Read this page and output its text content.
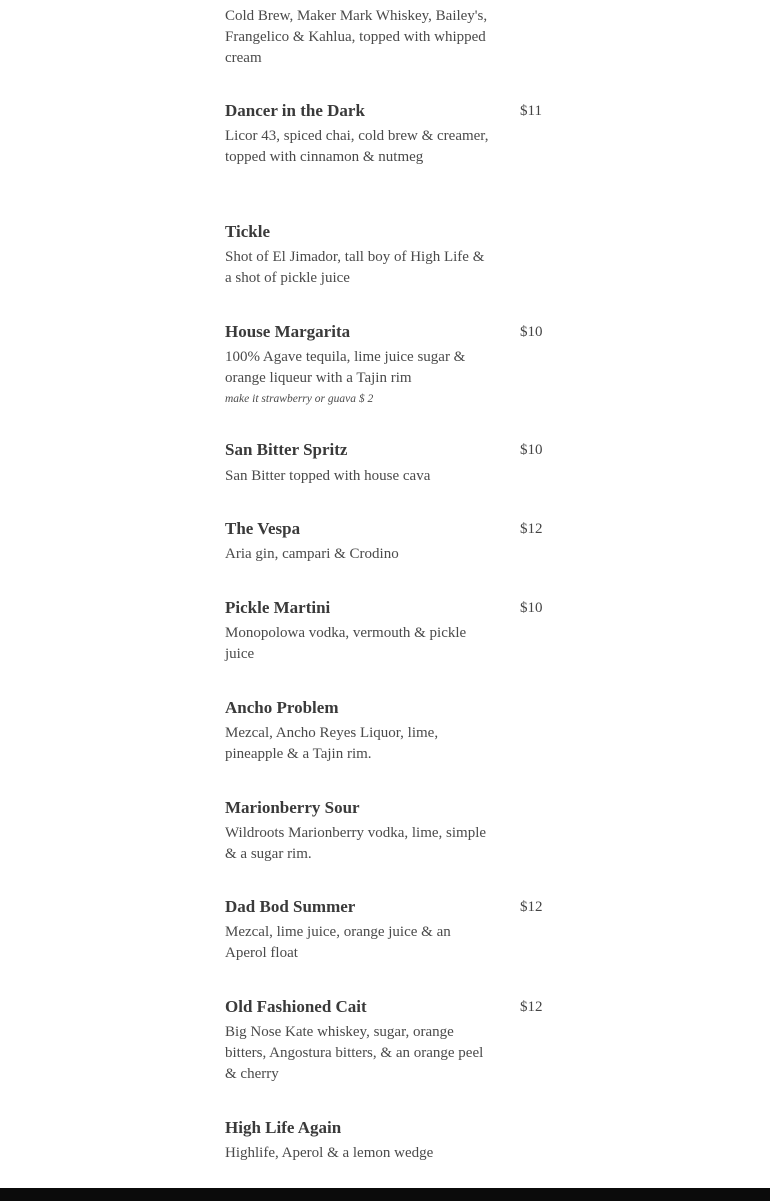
Cold Brew, Maker Mark Whiskey, Bailey's, Frangelico & Kahlua, topped with whipped cream
Dancer in the Dark	$11
Licor 43, spiced chai, cold brew & creamer, topped with cinnamon & nutmeg
Tickle
Shot of El Jimador, tall boy of High Life & a shot of pickle juice
House Margarita	$10
100% Agave tequila, lime juice sugar & orange liqueur with a Tajin rim
make it strawberry or guava $ 2
San Bitter Spritz	$10
San Bitter topped with house cava
The Vespa	$12
Aria gin, campari & Crodino
Pickle Martini	$10
Monopolowa vodka, vermouth & pickle juice
Ancho Problem
Mezcal, Ancho Reyes Liquor, lime, pineapple & a Tajin rim.
Marionberry Sour
Wildroots Marionberry vodka, lime, simple & a sugar rim.
Dad Bod Summer	$12
Mezcal, lime juice, orange juice & an Aperol float
Old Fashioned Cait	$12
Big Nose Kate whiskey, sugar, orange bitters, Angostura bitters, & an orange peel & cherry
High Life Again
Highlife, Aperol & a lemon wedge
